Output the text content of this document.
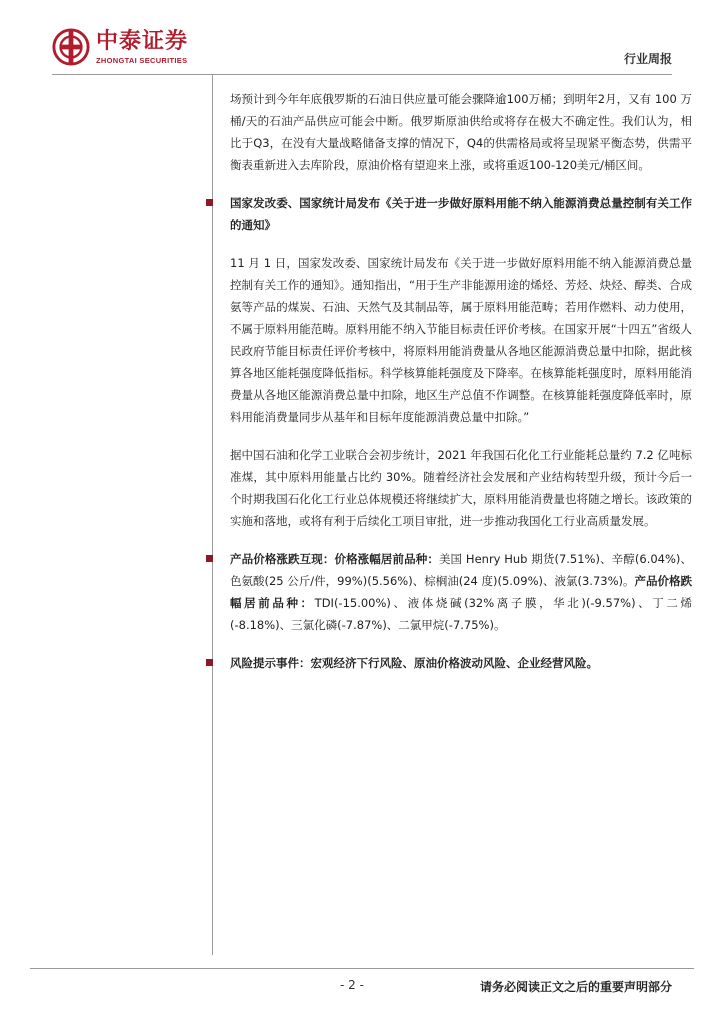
中泰证券
ZHONGTAI SECURITIES	行业周报

场预计到今年年底俄罗斯的石油日供应量可能会骤降逾100万桶；到明年2月，又有 100 万桶/天的石油产品供应可能会中断。俄罗斯原油供给或将存在极大不确定性。我们认为，相比于Q3，在没有大量战略储备支撑的情况下，Q4的供需格局或将呈现紧平衡态势，供需平衡表重新进入去库阶段，原油价格有望迎来上涨，或将重返100-120美元/桶区间。

国家发改委、国家统计局发布《关于进一步做好原料用能不纳入能源消费总量控制有关工作的通知》

11 月 1 日，国家发改委、国家统计局发布《关于进一步做好原料用能不纳入能源消费总量控制有关工作的通知》。通知指出，“用于生产非能源用途的烯烃、芳烃、炔烃、醇类、合成氨等产品的煤炭、石油、天然气及其制品等，属于原料用能范畴；若用作燃料、动力使用，不属于原料用能范畴。原料用能不纳入节能目标责任评价考核。在国家开展“十四五”省级人民政府节能目标责任评价考核中，将原料用能消费量从各地区能源消费总量中扣除，据此核算各地区能耗强度降低指标。科学核算能耗强度及下降率。在核算能耗强度时，原料用能消费量从各地区能源消费总量中扣除，地区生产总值不作调整。在核算能耗强度降低率时，原料用能消费量同步从基年和目标年度能源消费总量中扣除。”

据中国石油和化学工业联合会初步统计，2021 年我国石化化工行业能耗总量约 7.2 亿吨标准煤，其中原料用能量占比约 30%。随着经济社会发展和产业结构转型升级，预计今后一个时期我国石化化工行业总体规模还将继续扩大，原料用能消费量也将随之增长。该政策的实施和落地，或将有利于后续化工项目审批，进一步推动我国化工行业高质量发展。

产品价格涨跌互现：价格涨幅居前品种：美国 Henry Hub 期货(7.51%)、辛醇(6.04%)、色氨酸(25 公斤/件，99%)(5.56%)、棕榈油(24 度)(5.09%)、液氯(3.73%)。产品价格跌幅居前品种：TDI(-15.00%)、液体烧碱(32%离子膜，华北)(-9.57%)、丁二烯(-8.18%)、三氯化磷(-7.87%)、二氯甲烷(-7.75%)。

风险提示事件：宏观经济下行风险、原油价格波动风险、企业经营风险。

- 2 -	请务必阅读正文之后的重要声明部分
